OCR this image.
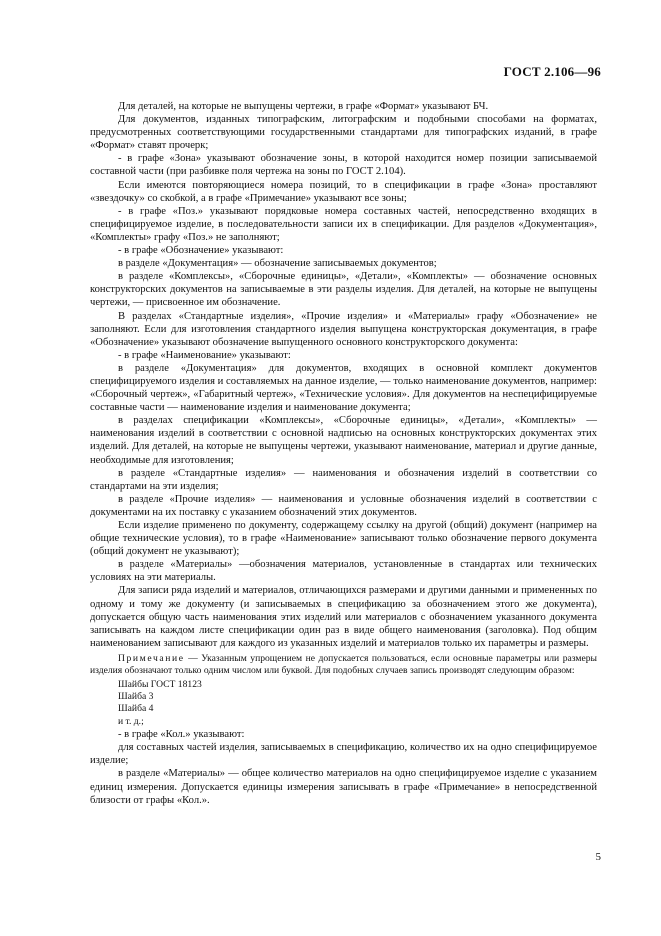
ГОСТ 2.106—96

Для деталей, на которые не выпущены чертежи, в графе «Формат» указывают БЧ.

Для документов, изданных типографским, литографским и подобными способами на форматах, предусмотренных соответствующими государственными стандартами для типографских изданий, в графе «Формат» ставят прочерк;

- в графе «Зона» указывают обозначение зоны, в которой находится номер позиции записываемой составной части (при разбивке поля чертежа на зоны по ГОСТ 2.104).

Если имеются повторяющиеся номера позиций, то в спецификации в графе «Зона» проставляют «звездочку» со скобкой, а в графе «Примечание» указывают все зоны;

- в графе «Поз.» указывают порядковые номера составных частей, непосредственно входящих в специфицируемое изделие, в последовательности записи их в спецификации. Для разделов «Документация», «Комплекты» графу «Поз.» не заполняют;

- в графе «Обозначение» указывают:

в разделе «Документация» — обозначение записываемых документов;

в разделе «Комплексы», «Сборочные единицы», «Детали», «Комплекты» — обозначение основных конструкторских документов на записываемые в эти разделы изделия. Для деталей, на которые не выпущены чертежи, — присвоенное им обозначение.

В разделах «Стандартные изделия», «Прочие изделия» и «Материалы» графу «Обозначение» не заполняют. Если для изготовления стандартного изделия выпущена конструкторская документация, в графе «Обозначение» указывают обозначение выпущенного основного конструкторского документа:

- в графе «Наименование» указывают:

в разделе «Документация» для документов, входящих в основной комплект документов специфицируемого изделия и составляемых на данное изделие, — только наименование документов, например: «Сборочный чертеж», «Габаритный чертеж», «Технические условия». Для документов на неспецифицируемые составные части — наименование изделия и наименование документа;

в разделах спецификации «Комплексы», «Сборочные единицы», «Детали», «Комплекты» — наименования изделий в соответствии с основной надписью на основных конструкторских документах этих изделий. Для деталей, на которые не выпущены чертежи, указывают наименование, материал и другие данные, необходимые для изготовления;

в разделе «Стандартные изделия» — наименования и обозначения изделий в соответствии со стандартами на эти изделия;

в разделе «Прочие изделия» — наименования и условные обозначения изделий в соответствии с документами на их поставку с указанием обозначений этих документов.

Если изделие применено по документу, содержащему ссылку на другой (общий) документ (например на общие технические условия), то в графе «Наименование» записывают только обозначение первого документа (общий документ не указывают);

в разделе «Материалы» —обозначения материалов, установленные в стандартах или технических условиях на эти материалы.

Для записи ряда изделий и материалов, отличающихся размерами и другими данными и примененных по одному и тому же документу (и записываемых в спецификацию за обозначением этого же документа), допускается общую часть наименования этих изделий или материалов с обозначением указанного документа записывать на каждом листе спецификации один раз в виде общего наименования (заголовка). Под общим наименованием записывают для каждого из указанных изделий и материалов только их параметры и размеры.

Примечание — Указанным упрощением не допускается пользоваться, если основные параметры или размеры изделия обозначают только одним числом или буквой. Для подобных случаев запись производят следующим образом:

Шайбы ГОСТ 18123
Шайба 3
Шайба 4
и т. д.;

- в графе «Кол.» указывают:

для составных частей изделия, записываемых в спецификацию, количество их на одно специфицируемое изделие;

в разделе «Материалы» — общее количество материалов на одно специфицируемое изделие с указанием единиц измерения. Допускается единицы измерения записывать в графе «Примечание» в непосредственной близости от графы «Кол.».

5
